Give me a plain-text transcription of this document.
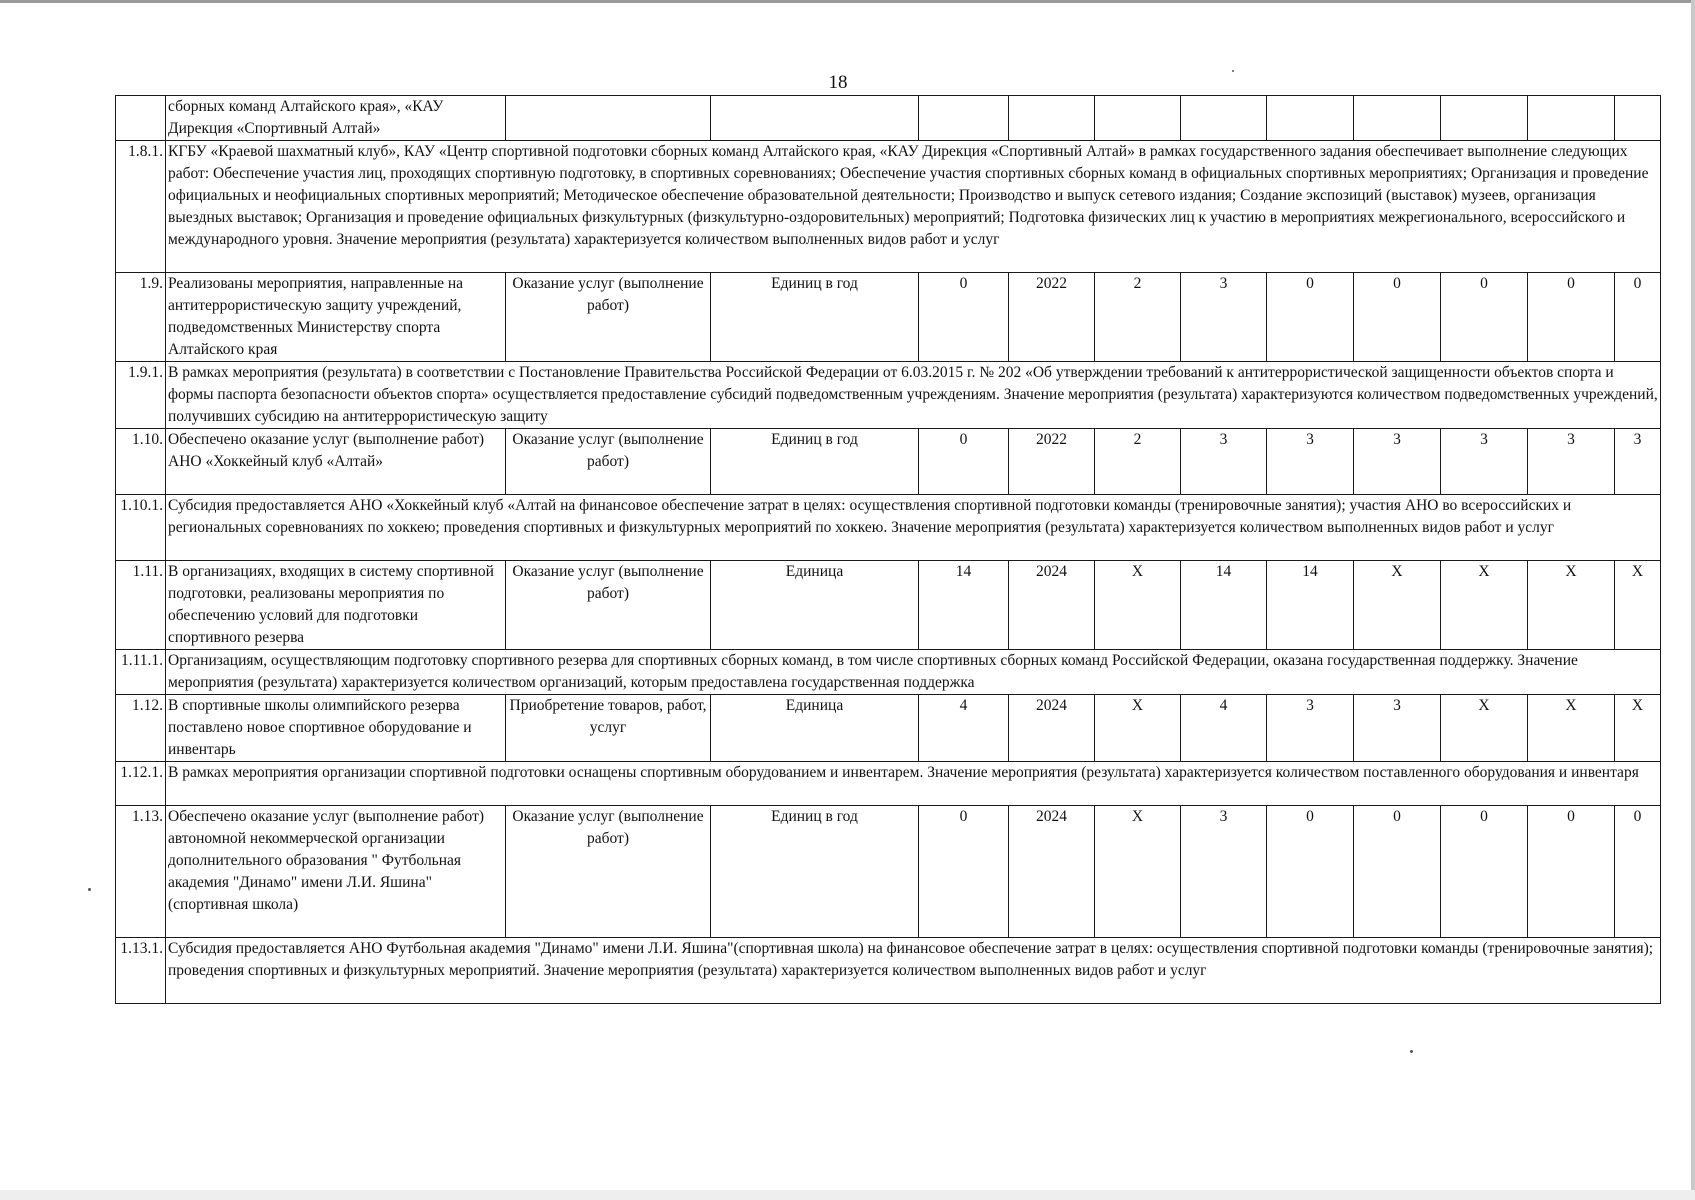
18
	сборных команд Алтайского края», «КАУ Дирекция «Спортивный Алтай»											
1.8.1.	КГБУ «Краевой шахматный клуб», КАУ «Центр спортивной подготовки сборных команд Алтайского края, «КАУ Дирекция «Спортивный Алтай» в рамках государственного задания обеспечивает выполнение следующих работ: Обеспечение участия лиц, проходящих спортивную подготовку, в спортивных соревнованиях; Обеспечение участия спортивных сборных команд в официальных спортивных мероприятиях; Организация и проведение официальных и неофициальных спортивных мероприятий; Методическое обеспечение образовательной деятельности; Производство и выпуск сетевого издания; Создание экспозиций (выставок) музеев, организация выездных выставок; Организация и проведение официальных физкультурных (физкультурно-оздоровительных) мероприятий; Подготовка физических лиц к участию в мероприятиях межрегионального, всероссийского и международного уровня. Значение мероприятия (результата) характеризуется количеством выполненных видов работ и услуг											
1.9.	Реализованы мероприятия, направленные на антитеррористическую защиту учреждений, подведомственных Министерству спорта Алтайского края	Оказание услуг (выполнение работ)	Единиц в год	0	2022	2	3	0	0	0	0	0
1.9.1.	В рамках мероприятия (результата) в соответствии с Постановление Правительства Российской Федерации от 6.03.2015 г. № 202 «Об утверждении требований к антитеррористической защищенности объектов спорта и формы паспорта безопасности объектов спорта» осуществляется предоставление субсидий подведомственным учреждениям. Значение мероприятия (результата) характеризуются количеством подведомственных учреждений, получивших субсидию на антитеррористическую защиту											
1.10.	Обеспечено оказание услуг (выполнение работ) АНО «Хоккейный клуб «Алтай»	Оказание услуг (выполнение работ)	Единиц в год	0	2022	2	3	3	3	3	3	3
1.10.1.	Субсидия предоставляется АНО «Хоккейный клуб «Алтай на финансовое обеспечение затрат в целях: осуществления спортивной подготовки команды (тренировочные занятия); участия АНО во всероссийских и региональных соревнованиях по хоккею; проведения спортивных и физкультурных мероприятий по хоккею. Значение мероприятия (результата) характеризуется количеством выполненных видов работ и услуг											
1.11.	В организациях, входящих в систему спортивной подготовки, реализованы мероприятия по обеспечению условий для подготовки спортивного резерва	Оказание услуг (выполнение работ)	Единица	14	2024	Х	14	14	Х	Х	Х	Х
1.11.1.	Организациям, осуществляющим подготовку спортивного резерва для спортивных сборных команд, в том числе спортивных сборных команд Российской Федерации, оказана государственная поддержку. Значение мероприятия (результата) характеризуется количеством организаций, которым предоставлена государственная поддержка											
1.12.	В спортивные школы олимпийского резерва поставлено новое спортивное оборудование и инвентарь	Приобретение товаров, работ, услуг	Единица	4	2024	Х	4	3	3	Х	Х	Х
1.12.1.	В рамках мероприятия организации спортивной подготовки оснащены спортивным оборудованием и инвентарем. Значение мероприятия (результата) характеризуется количеством поставленного оборудования и инвентаря											
1.13.	Обеспечено оказание услуг (выполнение работ) автономной некоммерческой организации дополнительного образования " Футбольная академия "Динамо" имени Л.И. Яшина"(спортивная школа)	Оказание услуг (выполнение работ)	Единиц в год	0	2024	Х	3	0	0	0	0	0
1.13.1.	Субсидия предоставляется АНО Футбольная академия "Динамо" имени Л.И. Яшина"(спортивная школа) на финансовое обеспечение затрат в целях: осуществления спортивной подготовки команды (тренировочные занятия); проведения спортивных и физкультурных мероприятий. Значение мероприятия (результата) характеризуется количеством выполненных видов работ и услуг											
